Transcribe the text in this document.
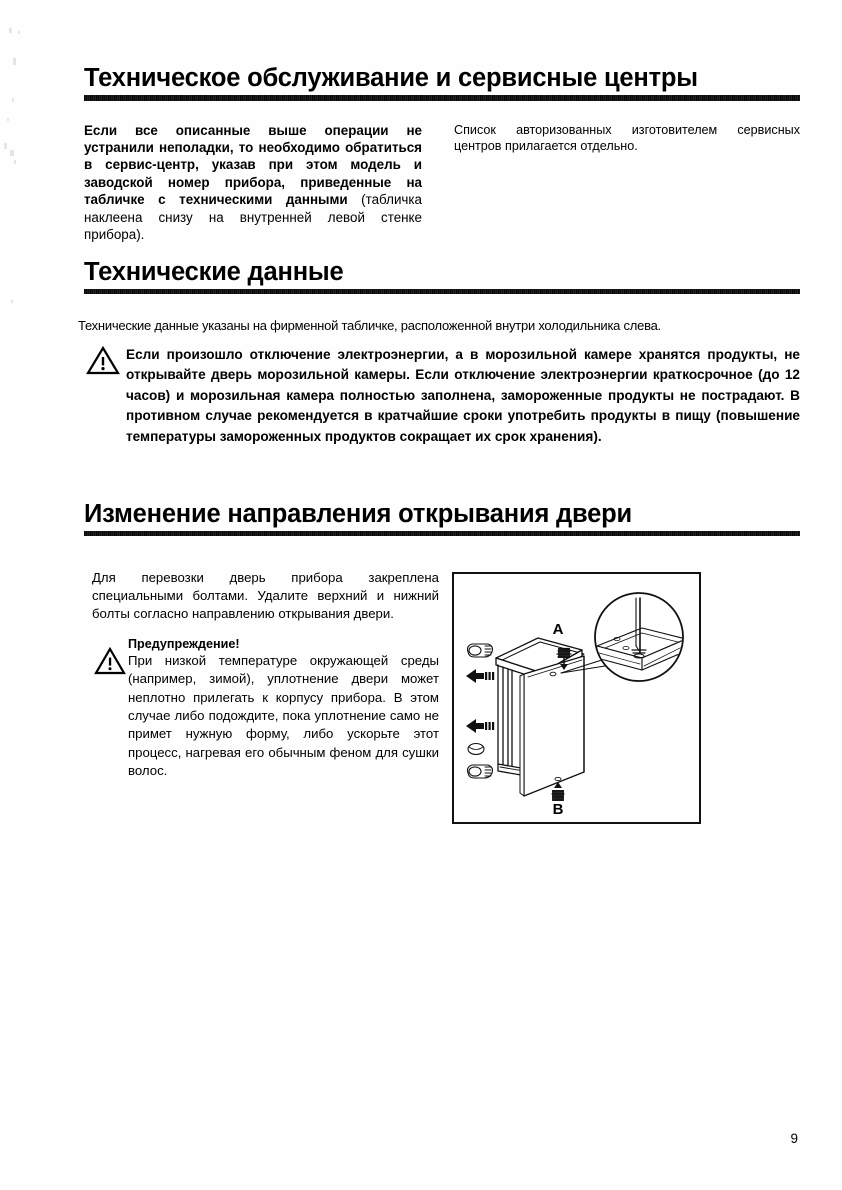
Техническое обслуживание и сервисные центры

Если все описанные выше операции не устранили неполадки, то необходимо обратиться в сервис-центр, указав при этом модель и заводской номер прибора, приведенные на табличке с техническими данными (табличка наклеена снизу на внутренней левой стенке прибора).

Список авторизованных изготовителем сервисных центров прилагается отдельно.

Технические данные

Технические данные указаны на фирменной табличке, расположенной внутри холодильника слева.

Если произошло отключение электроэнергии, а в морозильной камере хранятся продукты, не открывайте дверь морозильной камеры. Если отключение электроэнергии краткосрочное (до 12 часов) и морозильная камера полностью заполнена, замороженные продукты не пострадают. В противном случае рекомендуется в кратчайшие сроки употребить продукты в пищу (повышение температуры замороженных продуктов сокращает их срок хранения).

Изменение направления открывания двери

Для перевозки дверь прибора закреплена специальными болтами. Удалите верхний и нижний болты согласно направлению открывания двери.

Предупреждение!

При низкой температуре окружающей среды (например, зимой), уплотнение двери может неплотно прилегать к корпусу прибора. В этом случае либо подождите, пока уплотнение само не примет нужную форму, либо ускорьте этот процесс, нагревая его обычным феном для сушки волос.

A
B
9
